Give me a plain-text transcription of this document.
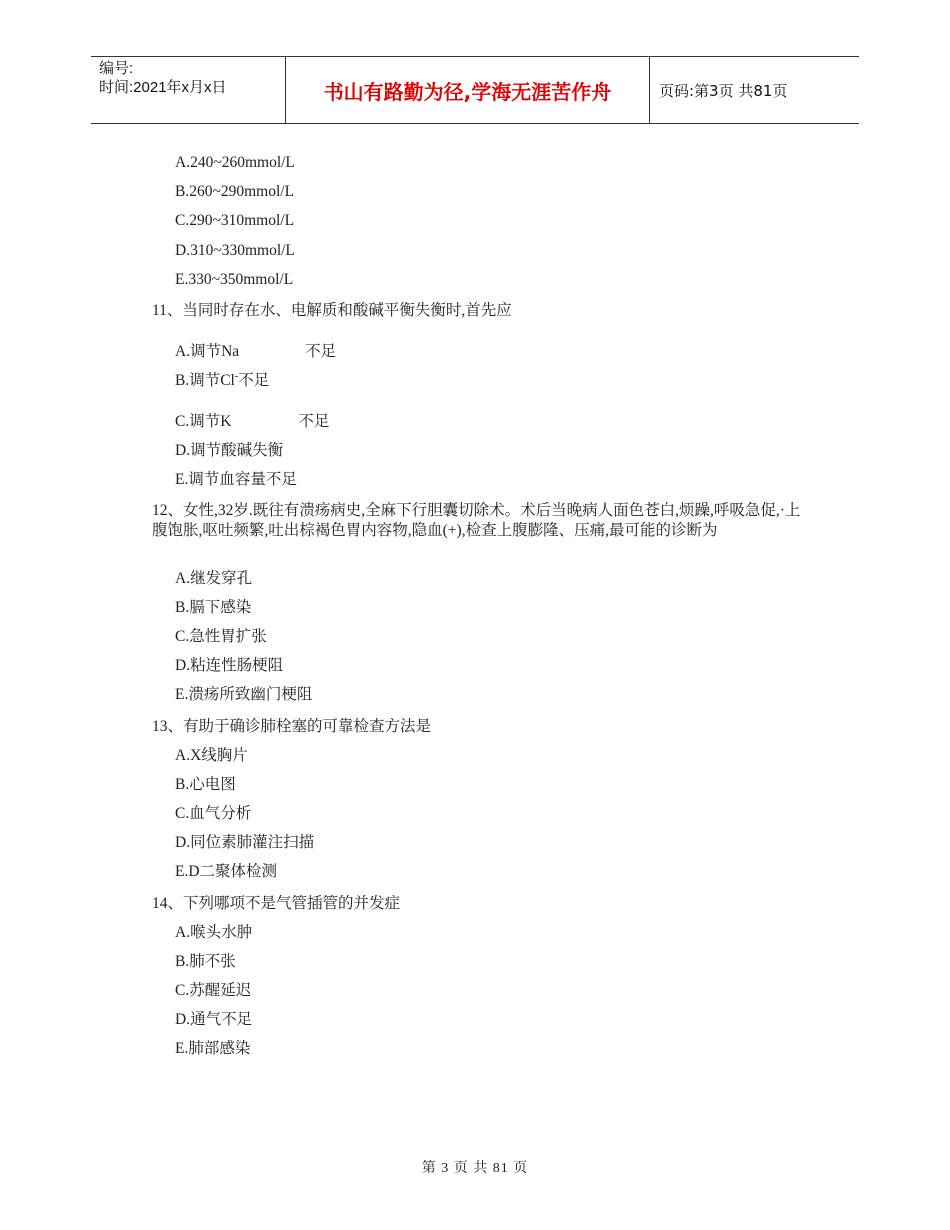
编号:
时间:2021年x月x日	书山有路勤为径,学海无涯苦作舟	页码:第3页 共81页
A.240~260mmol/L
B.260~290mmol/L
C.290~310mmol/L
D.310~330mmol/L
E.330~350mmol/L
11、当同时存在水、电解质和酸碱平衡失衡时,首先应
A.调节Na	不足
B.调节Cl-不足
C.调节K	不足
D.调节酸碱失衡
E.调节血容量不足
12、女性,32岁.既往有溃疡病史,全麻下行胆囊切除术。术后当晚病人面色苍白,烦躁,呼吸急促,·上腹饱胀,呕吐频繁,吐出棕褐色胃内容物,隐血(+),检查上腹膨隆、压痛,最可能的诊断为
A.继发穿孔
B.膈下感染
C.急性胃扩张
D.粘连性肠梗阻
E.溃疡所致幽门梗阻
13、有助于确诊肺栓塞的可靠检查方法是
A.X线胸片
B.心电图
C.血气分析
D.同位素肺灌注扫描
E.D二聚体检测
14、下列哪项不是气管插管的并发症
A.喉头水肿
B.肺不张
C.苏醒延迟
D.通气不足
E.肺部感染
第 3 页 共 81 页
